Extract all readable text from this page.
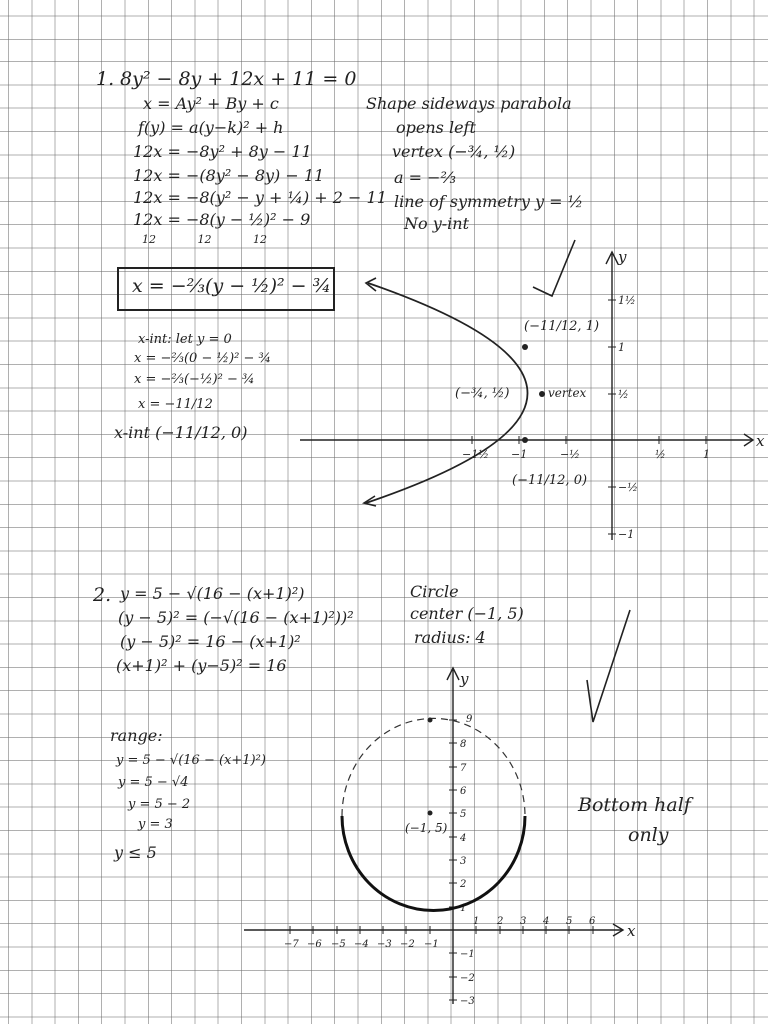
1. 8y² − 8y + 12x + 11 = 0
x = Ay² + By + c
f(y) = a(y−k)² + h
12x = −8y² + 8y − 11
12x = −(8y² − 8y) − 11
12x = −8(y² − y + ¼) + 2 − 11
12x = −8(y − ½)² − 9
12 12 12
Shape sideways parabola
opens left
vertex (−¾, ½)
a = −⅔
line of symmetry y = ½
No y-int
x = −⅔(y − ½)² − ¾
x-int: let y = 0
x = −⅔(0 − ½)² − ¾
x = −⅔(−½)² − ¾
x = −11/12
x-int (−11/12, 0)
2. y = 5 − √(16 − (x+1)²)
(y − 5)² = (−√(16 − (x+1)²))²
(y − 5)² = 16 − (x+1)²
(x+1)² + (y−5)² = 16
Circle
center (−1, 5)
radius: 4
range:
y = 5 − √(16 − (x+1)²)
y = 5 − √4
y = 5 − 2
y = 3
y ≤ 5
Bottom half
only
x
y
1½
1
½
−½
−1
−1½ −1	−½	½	1
(−11/12, 1)
(−¾, ½)	vertex
(−11/12, 0)
x
y
9
8
7
6
5
4
3
2
1
−1
−2
−3
−7 −6 −5 −4 −3 −2 −1
1 2 3 4 5 6
(−1, 5)
